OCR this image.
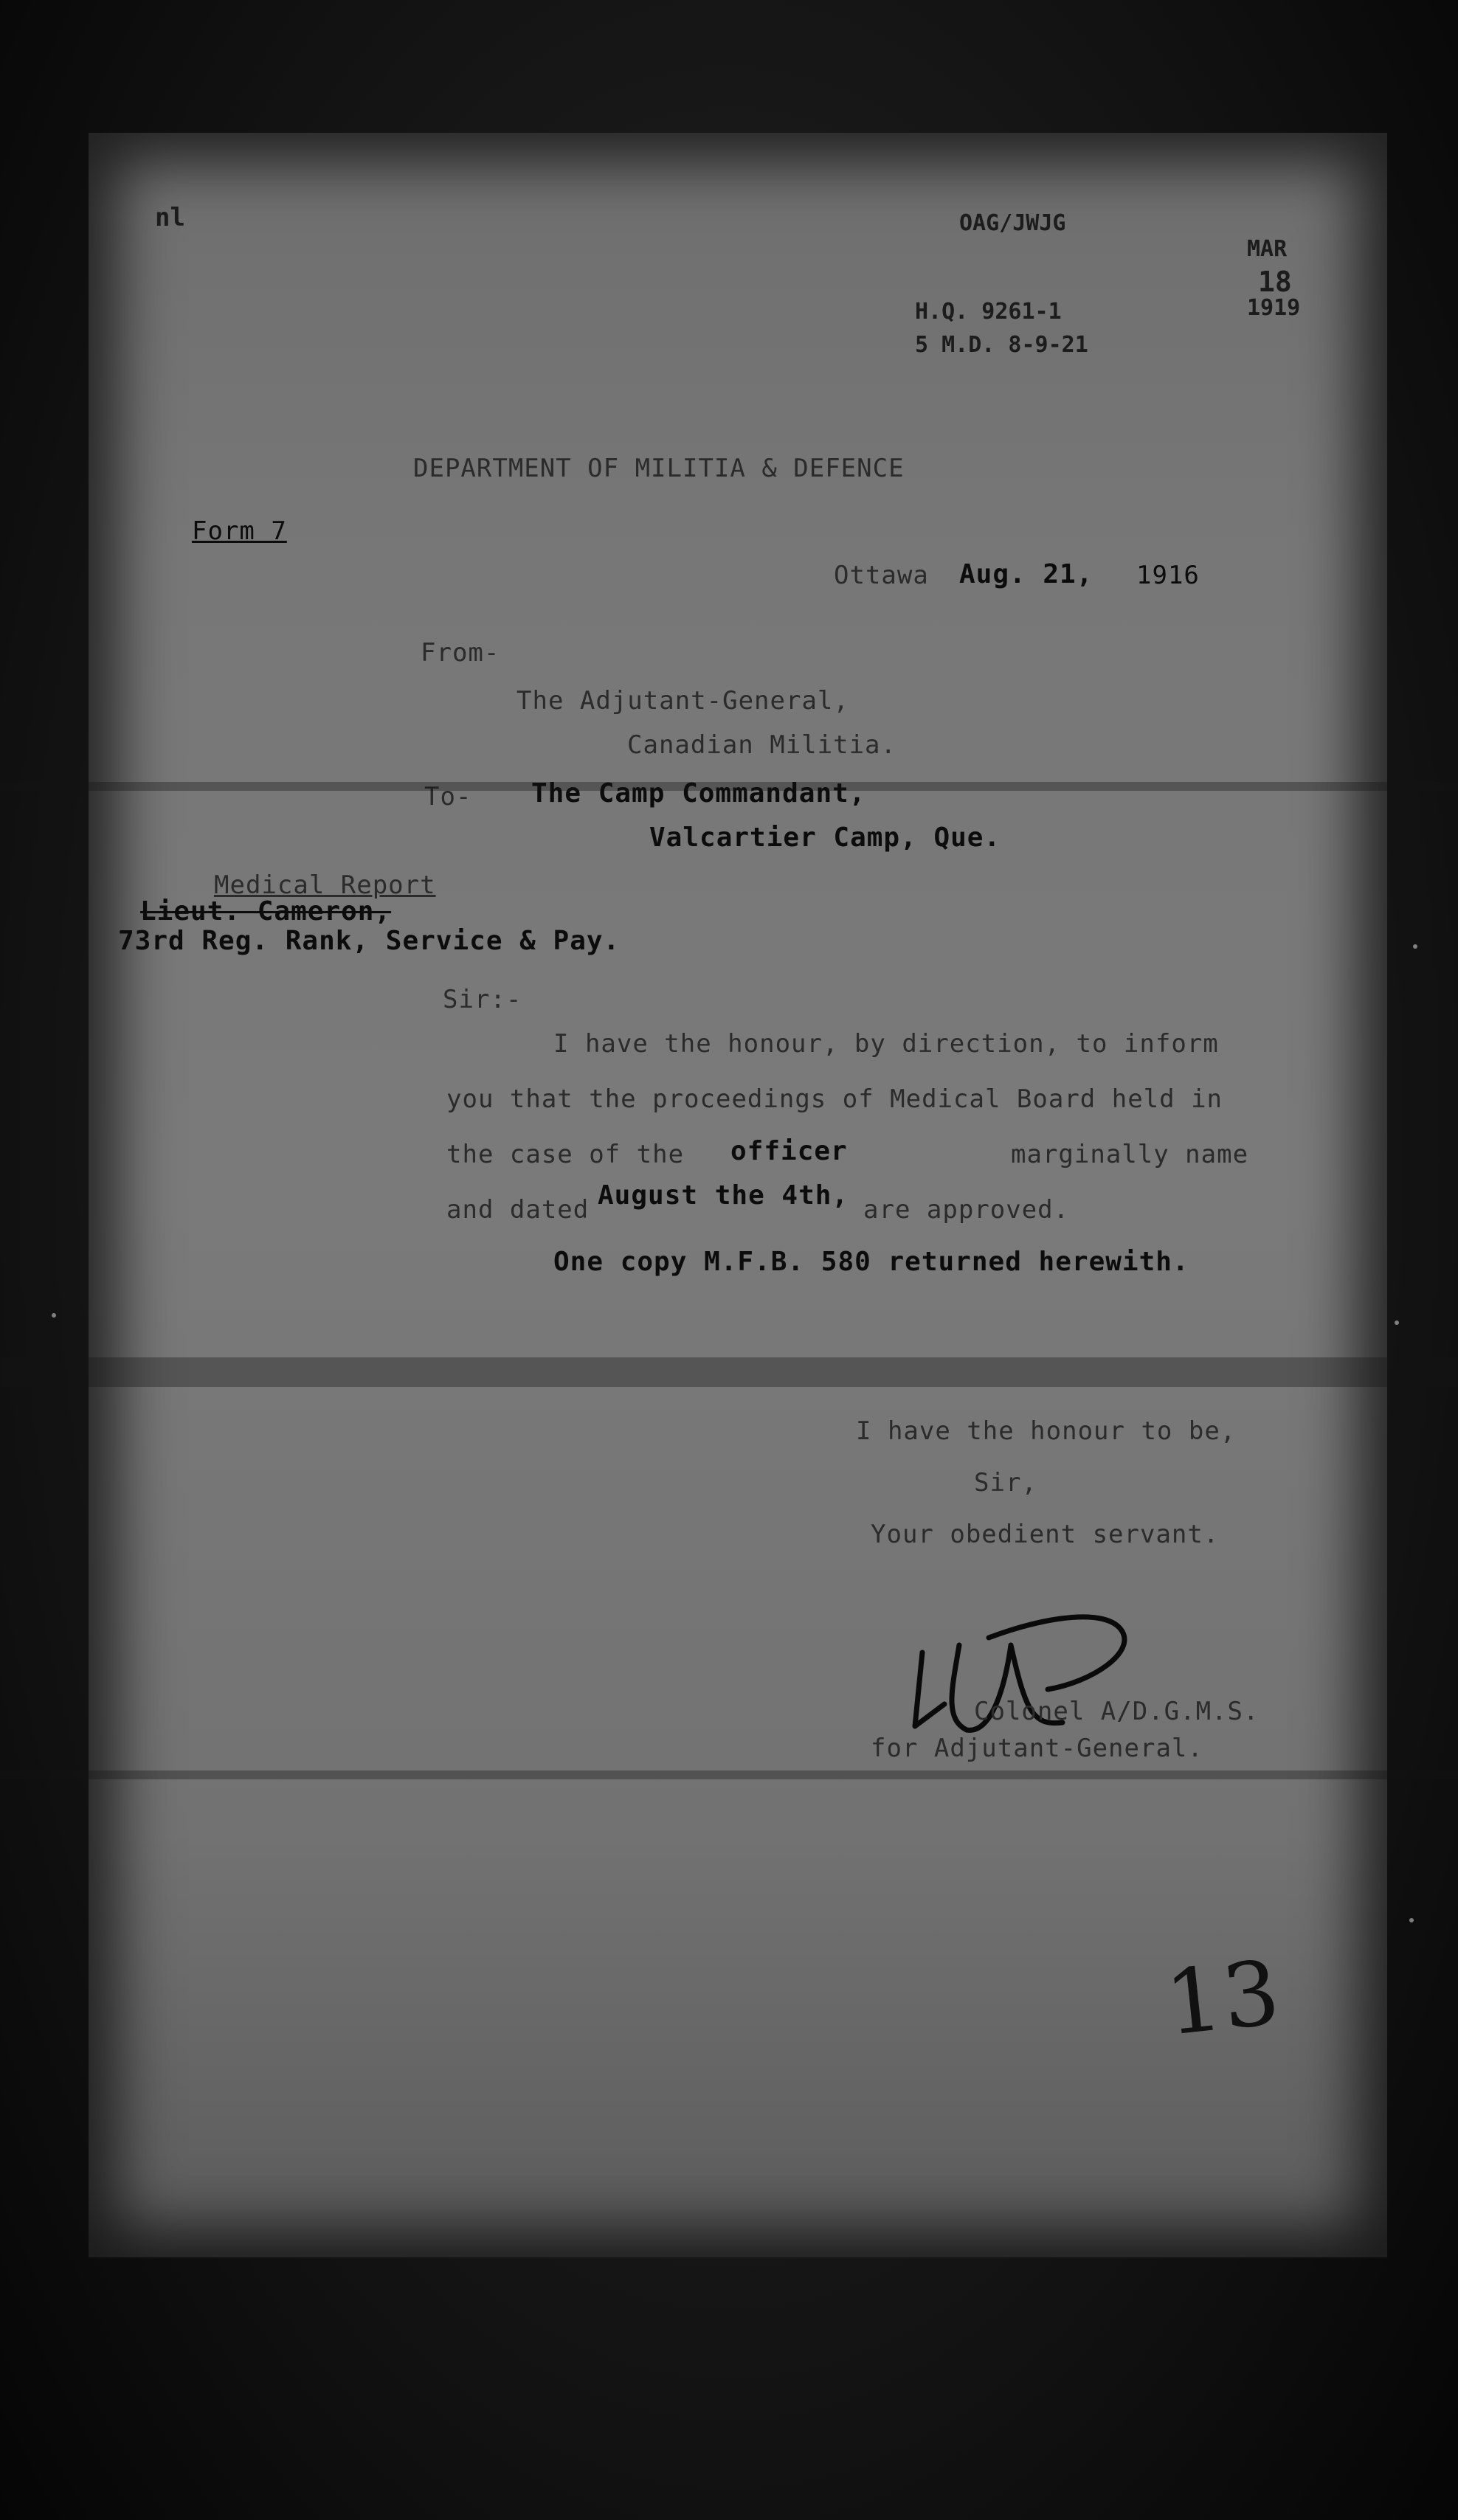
OAG/JWJG
H.Q. 9261-1
5 M.D. 8-9-21
nl
MAR
18
1919
DEPARTMENT OF MILITIA & DEFENCE
Form 7
Ottawa Aug. 21, 1916
From-
The Adjutant-General,
Canadian Militia.
To- The Camp Commandant,
Valcartier Camp, Que.
Medical Report
Lieut. Cameron,
73rd Reg. Rank, Service & Pay.
Sir:-
I have the honour, by direction, to inform
you that the proceedings of Medical Board held in
the case of the officer	marginally name
and dated August the 4th, are approved.
One copy M.F.B. 580 returned herewith.
I have the honour to be,
Sir,
Your obedient servant.
Colonel A/D.G.M.S.
for Adjutant-General.
13
